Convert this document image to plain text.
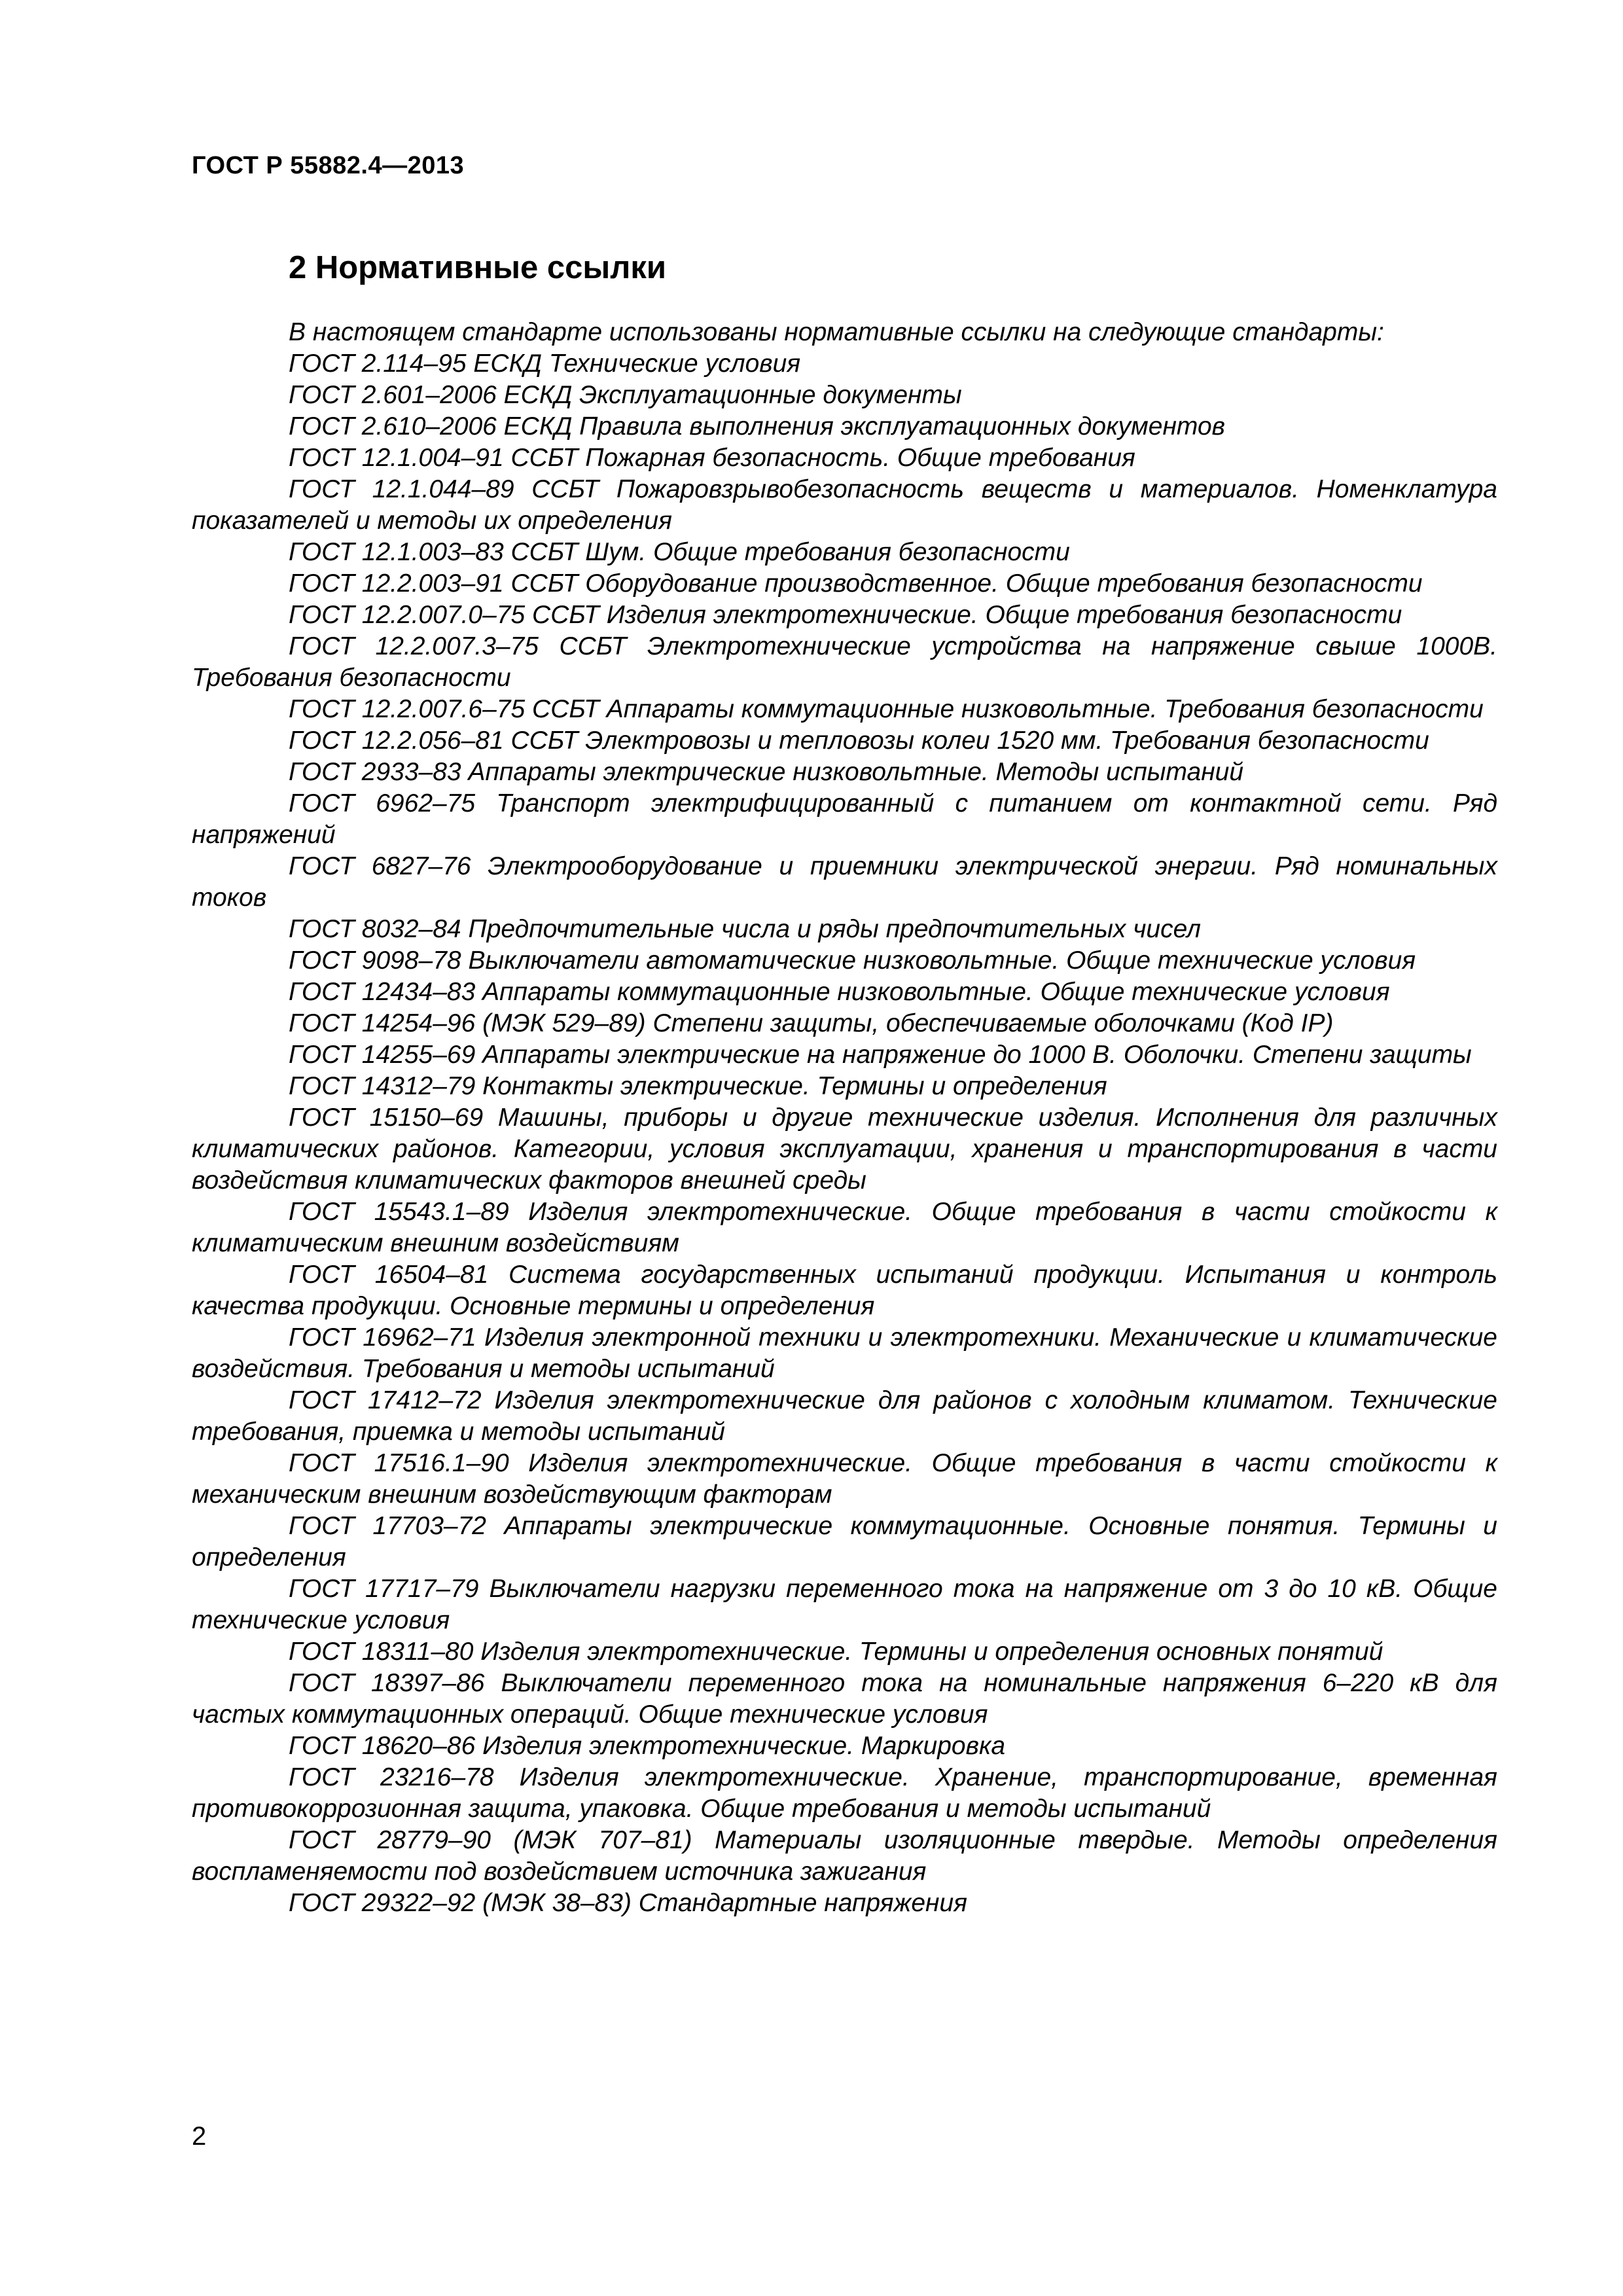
ГОСТ Р 55882.4—2013
2 Нормативные ссылки

В настоящем стандарте использованы нормативные ссылки на следующие стандарты:

ГОСТ 2.114–95 ЕСКД Технические условия

ГОСТ 2.601–2006 ЕСКД Эксплуатационные документы

ГОСТ 2.610–2006 ЕСКД Правила выполнения эксплуатационных документов

ГОСТ 12.1.004–91 ССБТ Пожарная безопасность. Общие требования

ГОСТ 12.1.044–89 ССБТ Пожаровзрывобезопасность веществ и материалов. Номенклатура показателей и методы их определения

ГОСТ 12.1.003–83 ССБТ Шум. Общие требования безопасности

ГОСТ 12.2.003–91 ССБТ Оборудование производственное. Общие требования безопасности

ГОСТ 12.2.007.0–75 ССБТ Изделия электротехнические. Общие требования безопасности

ГОСТ 12.2.007.3–75 ССБТ Электротехнические устройства на напряжение свыше 1000В. Требования безопасности

ГОСТ 12.2.007.6–75 ССБТ Аппараты коммутационные низковольтные. Требования безопасности

ГОСТ 12.2.056–81 ССБТ Электровозы и тепловозы колеи 1520 мм. Требования безопасности

ГОСТ 2933–83 Аппараты электрические низковольтные. Методы испытаний

ГОСТ 6962–75 Транспорт электрифицированный с питанием от контактной сети. Ряд напряжений

ГОСТ 6827–76 Электрооборудование и приемники электрической энергии. Ряд номинальных токов

ГОСТ 8032–84 Предпочтительные числа и ряды предпочтительных чисел

ГОСТ 9098–78 Выключатели автоматические низковольтные. Общие технические условия

ГОСТ 12434–83 Аппараты коммутационные низковольтные. Общие технические условия

ГОСТ 14254–96 (МЭК 529–89) Степени защиты, обеспечиваемые оболочками (Код IP)

ГОСТ 14255–69 Аппараты электрические на напряжение до 1000 В. Оболочки. Степени защиты

ГОСТ 14312–79 Контакты электрические. Термины и определения

ГОСТ 15150–69 Машины, приборы и другие технические изделия. Исполнения для различных климатических районов. Категории, условия эксплуатации, хранения и транспортирования в части воздействия климатических факторов внешней среды

ГОСТ 15543.1–89 Изделия электротехнические. Общие требования в части стойкости к климатическим внешним воздействиям

ГОСТ 16504–81 Система государственных испытаний продукции. Испытания и контроль качества продукции. Основные термины и определения

ГОСТ 16962–71 Изделия электронной техники и электротехники. Механические и климатические воздействия. Требования и методы испытаний

ГОСТ 17412–72 Изделия электротехнические для районов с холодным климатом. Технические требования, приемка и методы испытаний

ГОСТ 17516.1–90 Изделия электротехнические. Общие требования в части стойкости к механическим внешним воздействующим факторам

ГОСТ 17703–72 Аппараты электрические коммутационные. Основные понятия. Термины и определения

ГОСТ 17717–79 Выключатели нагрузки переменного тока на напряжение от 3 до 10 кВ. Общие технические условия

ГОСТ 18311–80 Изделия электротехнические. Термины и определения основных понятий

ГОСТ 18397–86 Выключатели переменного тока на номинальные напряжения 6–220 кВ для частых коммутационных операций. Общие технические условия

ГОСТ 18620–86 Изделия электротехнические. Маркировка

ГОСТ 23216–78 Изделия электротехнические. Хранение, транспортирование, временная противокоррозионная защита, упаковка. Общие требования и методы испытаний

ГОСТ 28779–90 (МЭК 707–81) Материалы изоляционные твердые. Методы определения воспламеняемости под воздействием источника зажигания

ГОСТ 29322–92 (МЭК 38–83) Стандартные напряжения

2
